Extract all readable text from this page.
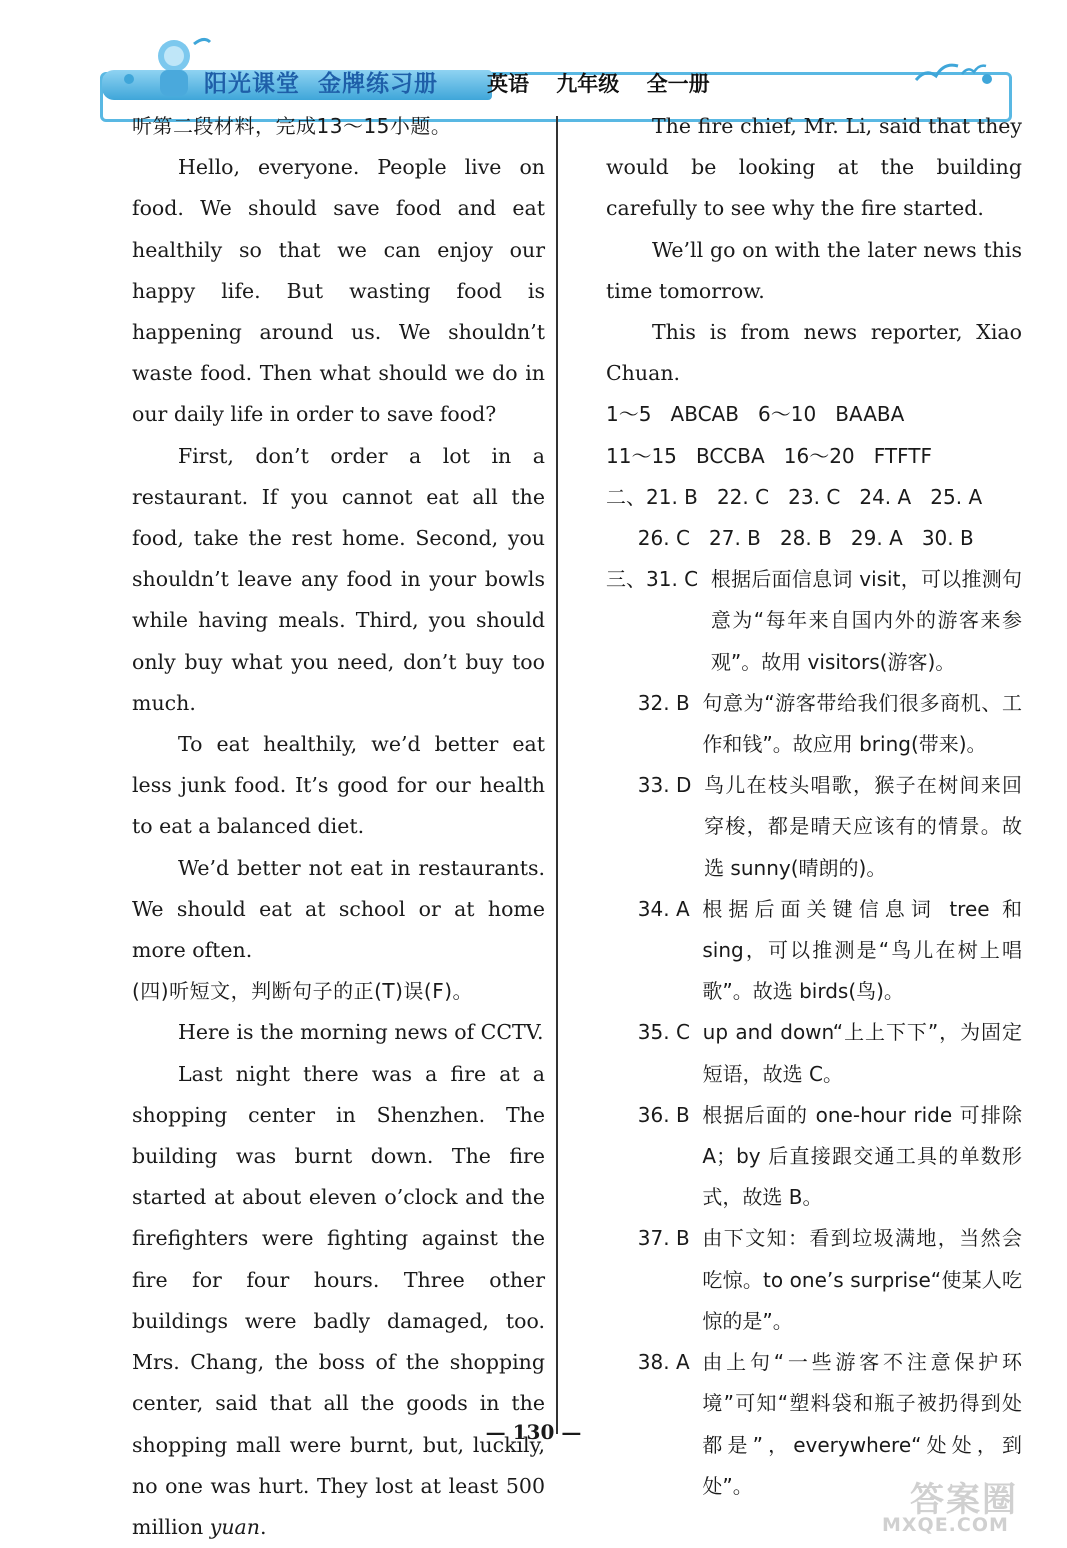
阳光课堂 金牌练习册 英语 九年级 全一册

听第二段材料，完成13～15小题。

Hello, everyone. People live on food. We should save food and eat healthily so that we can enjoy our happy life. But wasting food is happening around us. We shouldn’t waste food. Then what should we do in our daily life in order to save food?

First, don’t order a lot in a restaurant. If you cannot eat all the food, take the rest home. Second, you shouldn’t leave any food in your bowls while having meals. Third, you should only buy what you need, don’t buy too much.

To eat healthily, we’d better eat less junk food. It’s good for our health to eat a balanced diet.

We’d better not eat in restaurants. We should eat at school or at home more often.

(四)听短文，判断句子的正(T)误(F)。

Here is the morning news of CCTV.

Last night there was a fire at a shopping center in Shenzhen. The building was burnt down. The fire started at about eleven o’clock and the firefighters were fighting against the fire for four hours. Three other buildings were badly damaged, too. Mrs. Chang, the boss of the shopping center, said that all the goods in the shopping mall were burnt, but, luckily, no one was hurt. They lost at least 500 million yuan.

The fire chief, Mr. Li, said that they would be looking at the building carefully to see why the fire started.

We’ll go on with the later news this time tomorrow.

This is from news reporter, Xiao Chuan.

1～5   ABCAB   6～10   BAABA

11～15   BCCBA   16～20   FTFTF

二、21. B   22. C   23. C   24. A   25. A

26. C   27. B   28. B   29. A   30. B

三、31. C 根据后面信息词 visit，可以推测句意为“每年来自国内外的游客来参观”。故用 visitors(游客)。
32. B 句意为“游客带给我们很多商机、工作和钱”。故应用 bring(带来)。
33. D 鸟儿在枝头唱歌，猴子在树间来回穿梭，都是晴天应该有的情景。故选 sunny(晴朗的)。
34. A 根据后面关键信息词 tree 和 sing，可以推测是“鸟儿在树上唱歌”。故选 birds(鸟)。
35. C up and down“上上下下”，为固定短语，故选 C。
36. B 根据后面的 one-hour ride 可排除 A；by 后直接跟交通工具的单数形式，故选 B。
37. B 由下文知：看到垃圾满地，当然会吃惊。to one’s surprise“使某人吃惊的是”。
38. A 由上句“一些游客不注意保护环境”可知“塑料袋和瓶子被扔得到处都是”，everywhere“处处，到处”。
— 130 —
答案圈
MXQE.COM
